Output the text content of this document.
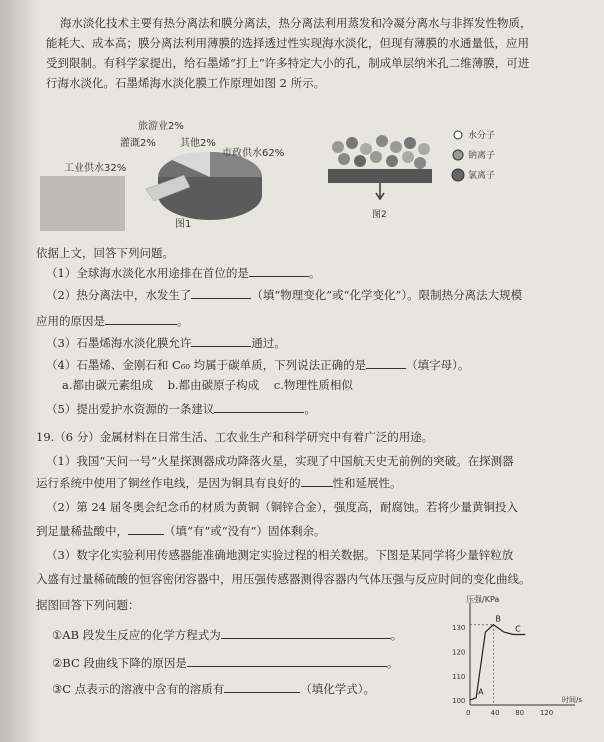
海水淡化技术主要有热分离法和膜分离法，热分离法利用蒸发和冷凝分离水与非挥发性物质，

能耗大、成本高；膜分离法利用薄膜的选择透过性实现海水淡化，但现有薄膜的水通量低，应用

受到限制。有科学家提出，给石墨烯“打上”许多特定大小的孔，制成单层纳米孔二维薄膜，可进

行海水淡化。石墨烯海水淡化膜工作原理如图 2 所示。

旅游业2%
灌溉2% 其他2%
工业供水32%
市政供水62%
图1
水分子
钠离子
氯离子
图2

依据上文，回答下列问题。

（1）全球海水淡化水用途排在首位的是	。

（2）热分离法中，水发生了	（填“物理变化”或“化学变化”）。限制热分离法大规模

应用的原因是	。

（3）石墨烯海水淡化膜允许	通过。

（4）石墨烯、金刚石和 C₆₀ 均属于碳单质，下列说法正确的是	（填字母）。

a.都由碳元素组成 b.都由碳原子构成 c.物理性质相似

（5）提出爱护水资源的一条建议	。

19.（6 分）金属材料在日常生活、工农业生产和科学研究中有着广泛的用途。

（1）我国“天问一号”火星探测器成功降落火星，实现了中国航天史无前例的突破。在探测器

运行系统中使用了铜丝作电线，是因为铜具有良好的	性和延展性。

（2）第 24 届冬奥会纪念币的材质为黄铜（铜锌合金），强度高，耐腐蚀。若将少量黄铜投入

到足量稀盐酸中，	（填“有”或“没有”）固体剩余。

（3）数字化实验利用传感器能准确地测定实验过程的相关数据。下图是某同学将少量锌粒放

入盛有过量稀硫酸的恒容密闭容器中，用压强传感器测得容器内气体压强与反应时间的变化曲线。

据图回答下列问题：

①AB 段发生反应的化学方程式为	。

②BC 段曲线下降的原因是	。

③C 点表示的溶液中含有的溶质有	（填化学式）。

压强/KPa
时间/s
0	40 80 120
100
110
120
130
A
B
C
